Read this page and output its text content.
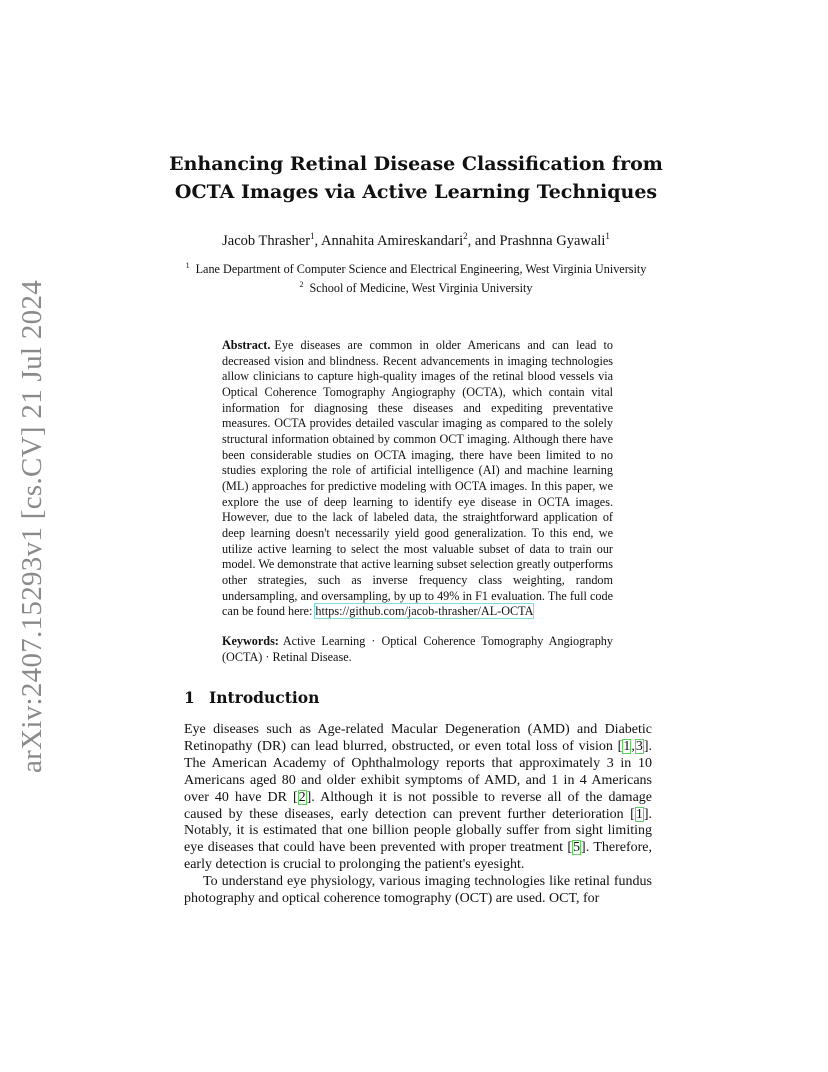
arXiv:2407.15293v1 [cs.CV] 21 Jul 2024
Enhancing Retinal Disease Classification from
OCTA Images via Active Learning Techniques
Jacob Thrasher$^1$, Annahita Amireskandari$^2$, and Prashnna Gyawali$^1$
$^1$ Lane Department of Computer Science and Electrical Engineering, West Virginia University
$^2$ School of Medicine, West Virginia University
Abstract. Eye diseases are common in older Americans and can lead to decreased vision and blindness. Recent advancements in imaging technologies allow clinicians to capture high-quality images of the retinal blood vessels via Optical Coherence Tomography Angiography (OCTA), which contain vital information for diagnosing these diseases and expediting preventative measures. OCTA provides detailed vascular imaging as compared to the solely structural information obtained by common OCT imaging. Although there have been considerable studies on OCTA imaging, there have been limited to no studies exploring the role of artificial intelligence (AI) and machine learning (ML) approaches for predictive modeling with OCTA images. In this paper, we explore the use of deep learning to identify eye disease in OCTA images. However, due to the lack of labeled data, the straightforward application of deep learning doesn't necessarily yield good generalization. To this end, we utilize active learning to select the most valuable subset of data to train our model. We demonstrate that active learning subset selection greatly outperforms other strategies, such as inverse frequency class weighting, random undersampling, and oversampling, by up to 49% in F1 evaluation. The full code can be found here: https://github.com/jacob-thrasher/AL-OCTA
Keywords: Active Learning · Optical Coherence Tomography Angiography (OCTA) · Retinal Disease.
1 Introduction

Eye diseases such as Age-related Macular Degeneration (AMD) and Diabetic Retinopathy (DR) can lead blurred, obstructed, or even total loss of vision [1,3]. The American Academy of Ophthalmology reports that approximately 3 in 10 Americans aged 80 and older exhibit symptoms of AMD, and 1 in 4 Americans over 40 have DR [2]. Although it is not possible to reverse all of the damage caused by these diseases, early detection can prevent further deterioration [1]. Notably, it is estimated that one billion people globally suffer from sight limiting eye diseases that could have been prevented with proper treatment [5]. Therefore, early detection is crucial to prolonging the patient's eyesight.

To understand eye physiology, various imaging technologies like retinal fundus photography and optical coherence tomography (OCT) are used. OCT, for
